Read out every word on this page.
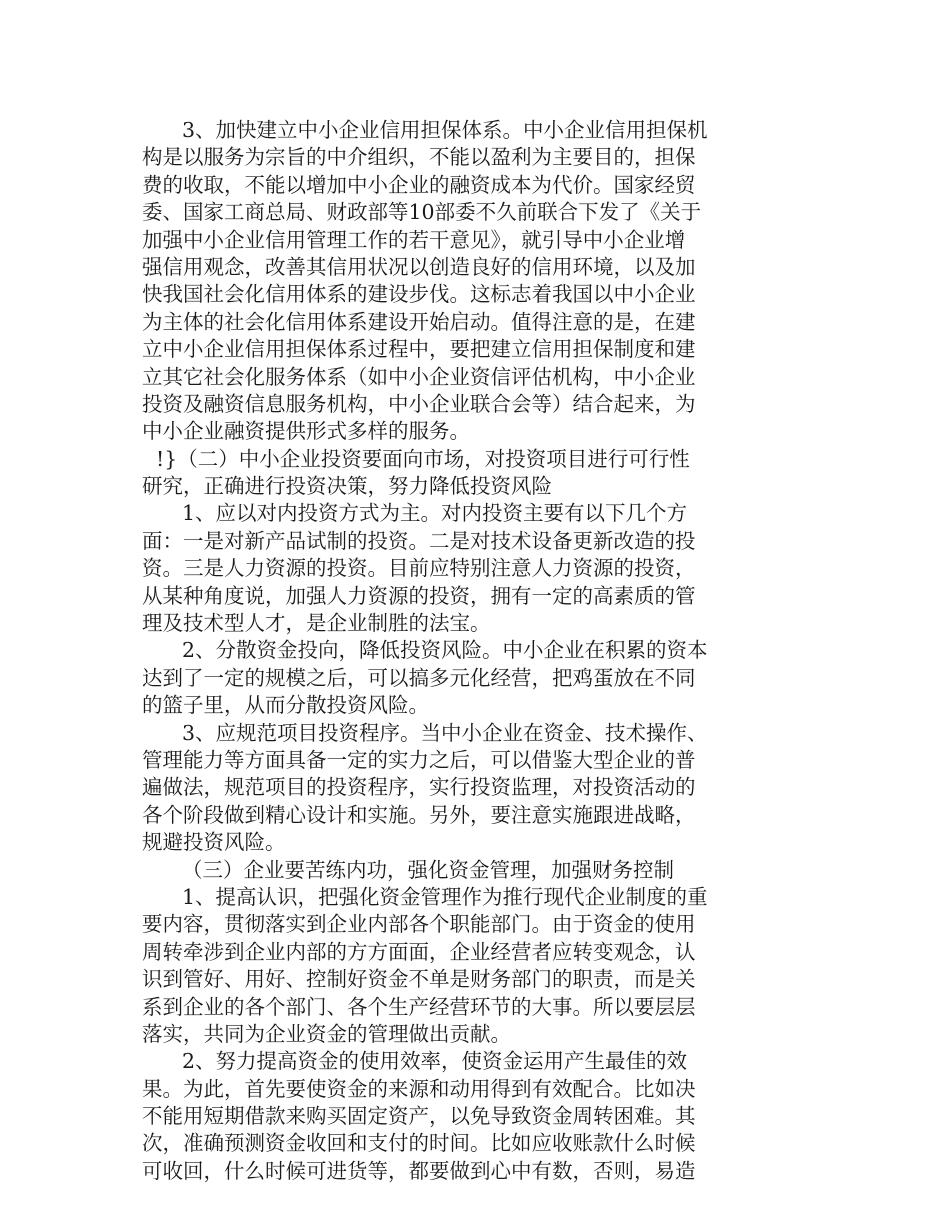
3、加快建立中小企业信用担保体系。中小企业信用担保机
构是以服务为宗旨的中介组织，不能以盈利为主要目的，担保
费的收取，不能以增加中小企业的融资成本为代价。国家经贸
委、国家工商总局、财政部等10部委不久前联合下发了《关于
加强中小企业信用管理工作的若干意见》，就引导中小企业增
强信用观念，改善其信用状况以创造良好的信用环境，以及加
快我国社会化信用体系的建设步伐。这标志着我国以中小企业
为主体的社会化信用体系建设开始启动。值得注意的是，在建
立中小企业信用担保体系过程中，要把建立信用担保制度和建
立其它社会化服务体系（如中小企业资信评估机构，中小企业
投资及融资信息服务机构，中小企业联合会等）结合起来，为
中小企业融资提供形式多样的服务。
!}（二）中小企业投资要面向市场，对投资项目进行可行性
研究，正确进行投资决策，努力降低投资风险
1、应以对内投资方式为主。对内投资主要有以下几个方
面：一是对新产品试制的投资。二是对技术设备更新改造的投
资。三是人力资源的投资。目前应特别注意人力资源的投资，
从某种角度说，加强人力资源的投资，拥有一定的高素质的管
理及技术型人才，是企业制胜的法宝。
2、分散资金投向，降低投资风险。中小企业在积累的资本
达到了一定的规模之后，可以搞多元化经营，把鸡蛋放在不同
的篮子里，从而分散投资风险。
3、应规范项目投资程序。当中小企业在资金、技术操作、
管理能力等方面具备一定的实力之后，可以借鉴大型企业的普
遍做法，规范项目的投资程序，实行投资监理，对投资活动的
各个阶段做到精心设计和实施。另外，要注意实施跟进战略，
规避投资风险。
（三）企业要苦练内功，强化资金管理，加强财务控制
1、提高认识，把强化资金管理作为推行现代企业制度的重
要内容，贯彻落实到企业内部各个职能部门。由于资金的使用
周转牵涉到企业内部的方方面面，企业经营者应转变观念，认
识到管好、用好、控制好资金不单是财务部门的职责，而是关
系到企业的各个部门、各个生产经营环节的大事。所以要层层
落实，共同为企业资金的管理做出贡献。
2、努力提高资金的使用效率，使资金运用产生最佳的效
果。为此，首先要使资金的来源和动用得到有效配合。比如决
不能用短期借款来购买固定资产，以免导致资金周转困难。其
次，准确预测资金收回和支付的时间。比如应收账款什么时候
可收回，什么时候可进货等，都要做到心中有数，否则，易造
